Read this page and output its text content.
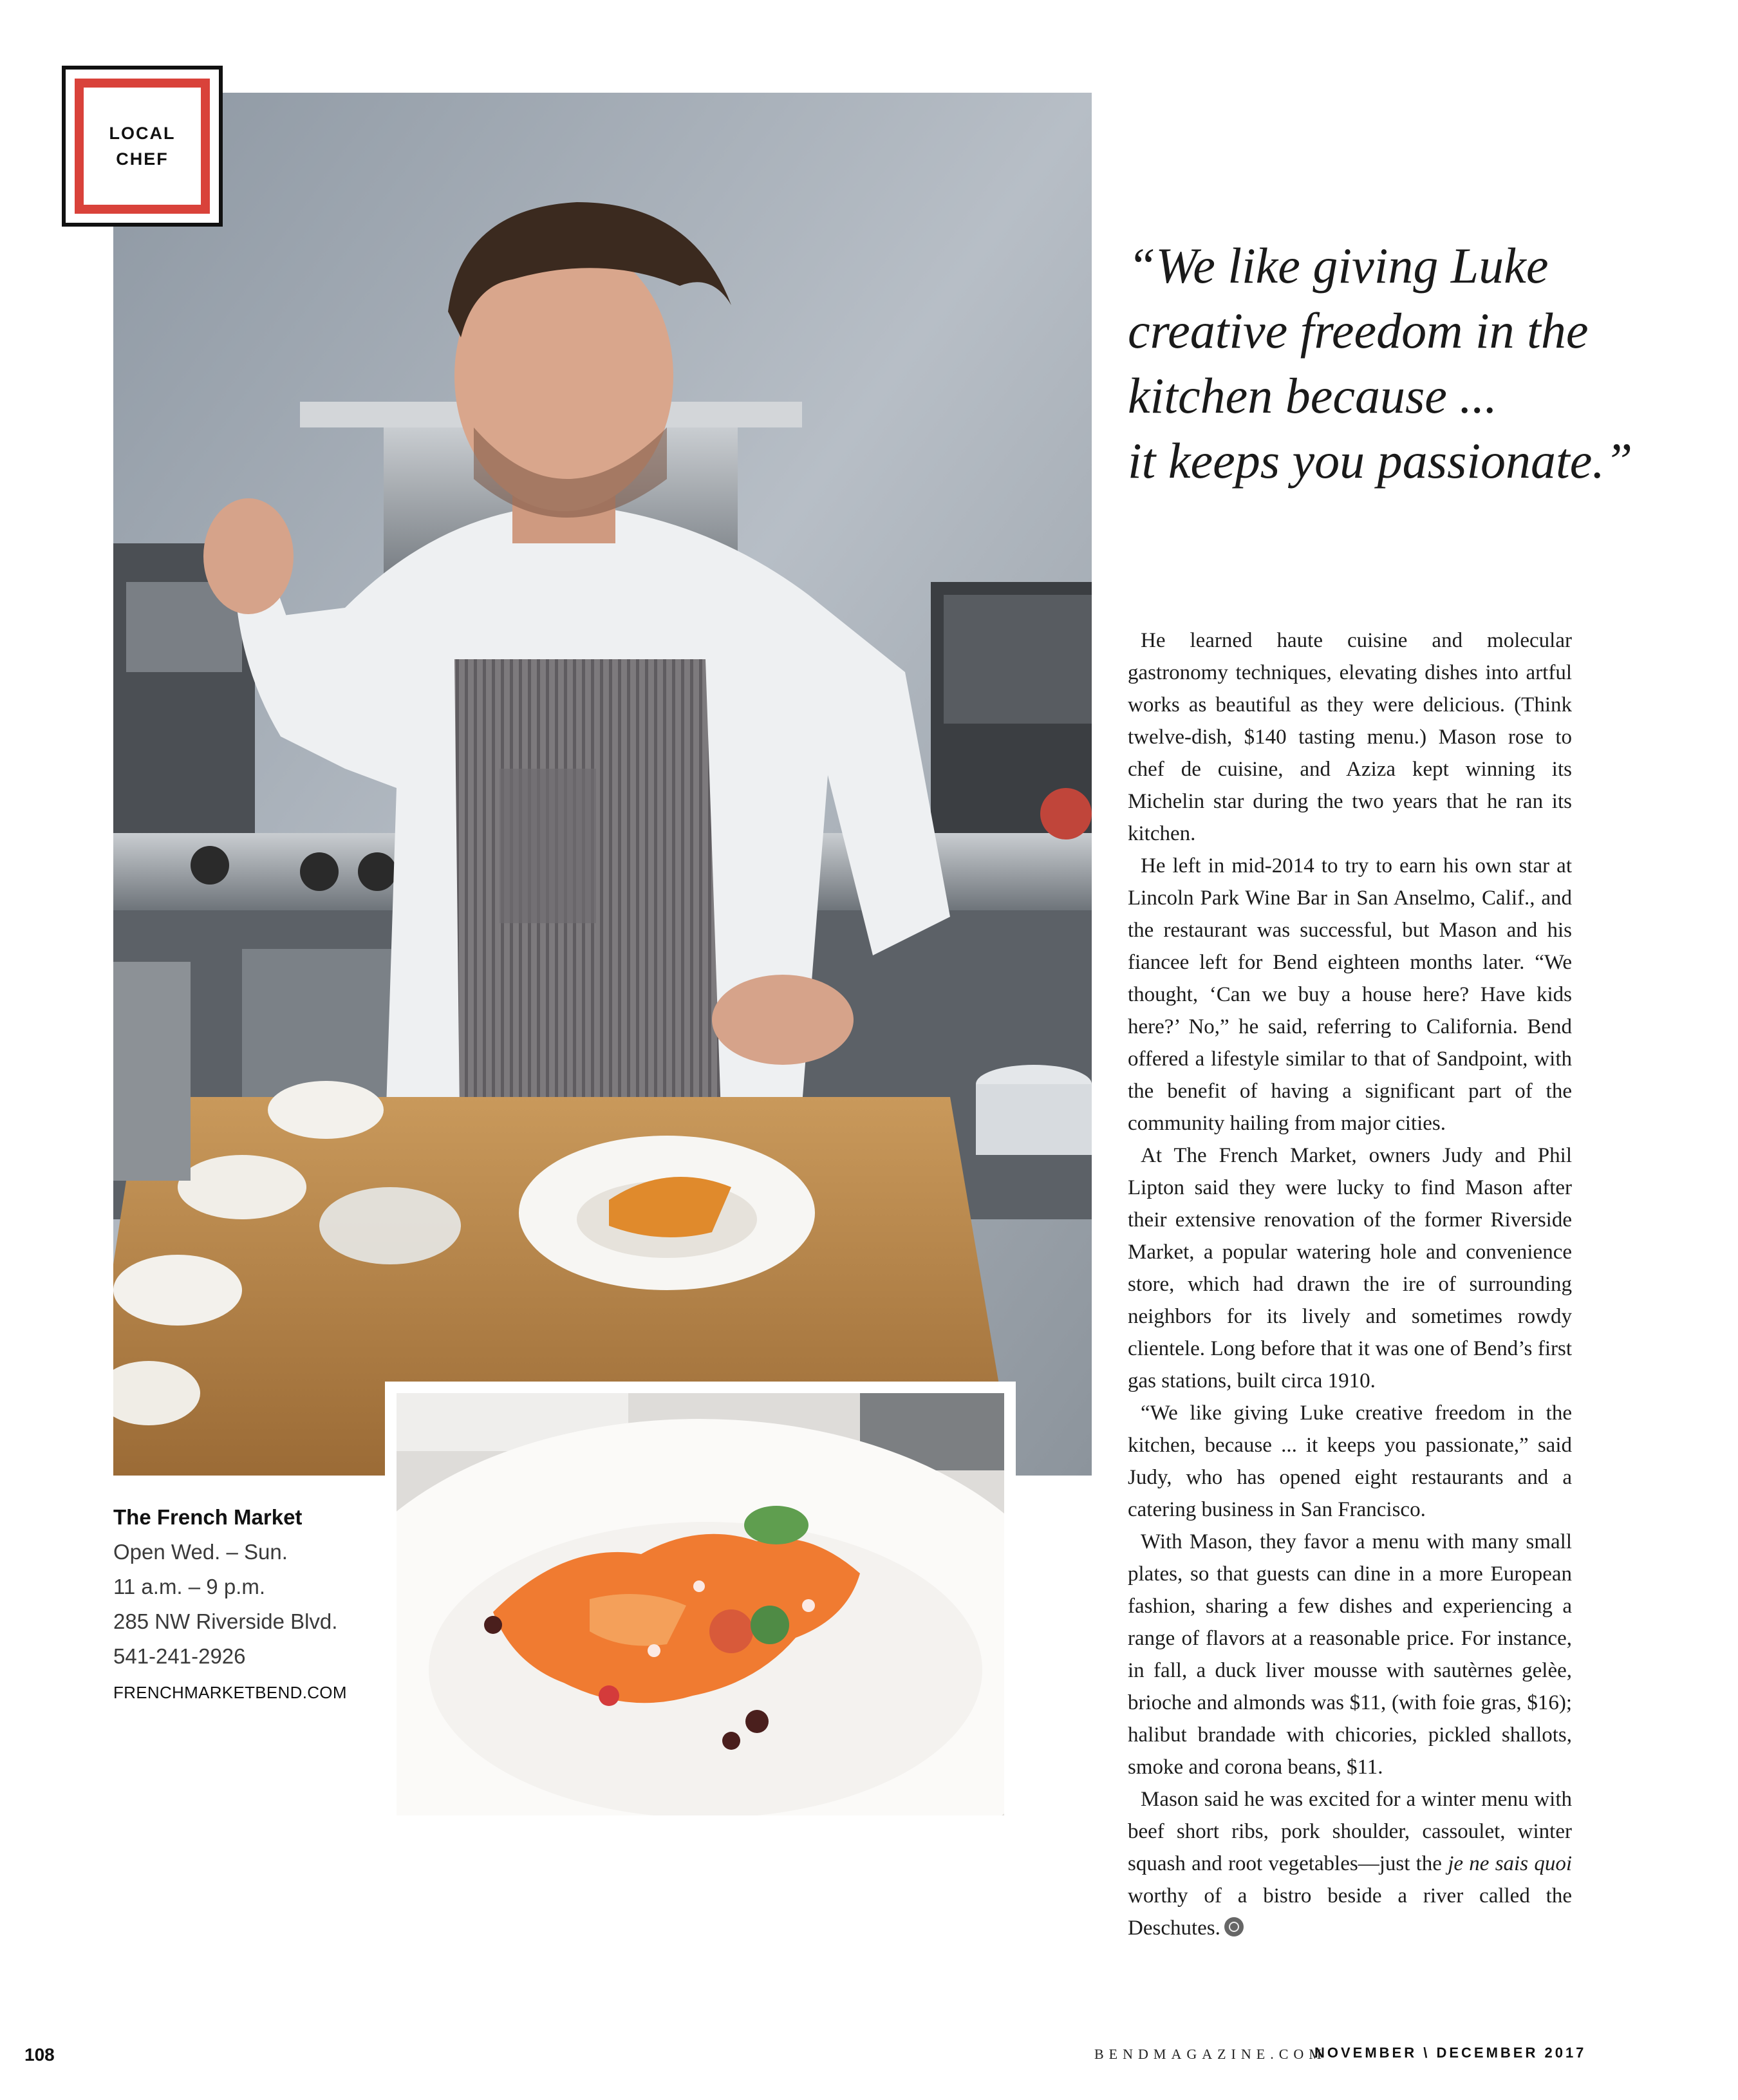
LOCAL
CHEF
“We like giving Luke
creative freedom in the
kitchen because ...
it keeps you passionate.”

He learned haute cuisine and molecular gastronomy techniques, elevating dishes into artful works as beautiful as they were delicious. (Think twelve-dish, $140 tasting menu.) Mason rose to chef de cuisine, and Aziza kept winning its Michelin star during the two years that he ran its kitchen.

He left in mid-2014 to try to earn his own star at Lincoln Park Wine Bar in San Anselmo, Calif., and the restaurant was successful, but Mason and his fiancee left for Bend eighteen months later. “We thought, ‘Can we buy a house here? Have kids here?’ No,” he said, referring to California. Bend offered a lifestyle similar to that of Sandpoint, with the benefit of having a significant part of the community hailing from major cities.

At The French Market, owners Judy and Phil Lipton said they were lucky to find Mason after their extensive renovation of the former Riverside Market, a popular watering hole and convenience store, which had drawn the ire of surrounding neighbors for its lively and sometimes rowdy clientele. Long before that it was one of Bend’s first gas stations, built circa 1910.

“We like giving Luke creative freedom in the kitchen, because ... it keeps you passionate,” said Judy, who has opened eight restaurants and a catering business in San Francisco.

With Mason, they favor a menu with many small plates, so that guests can dine in a more European fashion, sharing a few dishes and experiencing a range of flavors at a reasonable price. For instance, in fall, a duck liver mousse with sautèrnes gelèe, brioche and almonds was $11, (with foie gras, $16); halibut brandade with chicories, pickled shallots, smoke and corona beans, $11.

Mason said he was excited for a winter menu with beef short ribs, pork shoulder, cassoulet, winter squash and root vegetables—just the je ne sais quoi worthy of a bistro beside a river called the Deschutes.

The French Market
Open Wed. – Sun.
11 a.m. – 9 p.m.
285 NW Riverside Blvd.
541-241-2926
FRENCHMARKETBEND.COM
108	BENDMAGAZINE.COM
NOVEMBER \ DECEMBER 2017
